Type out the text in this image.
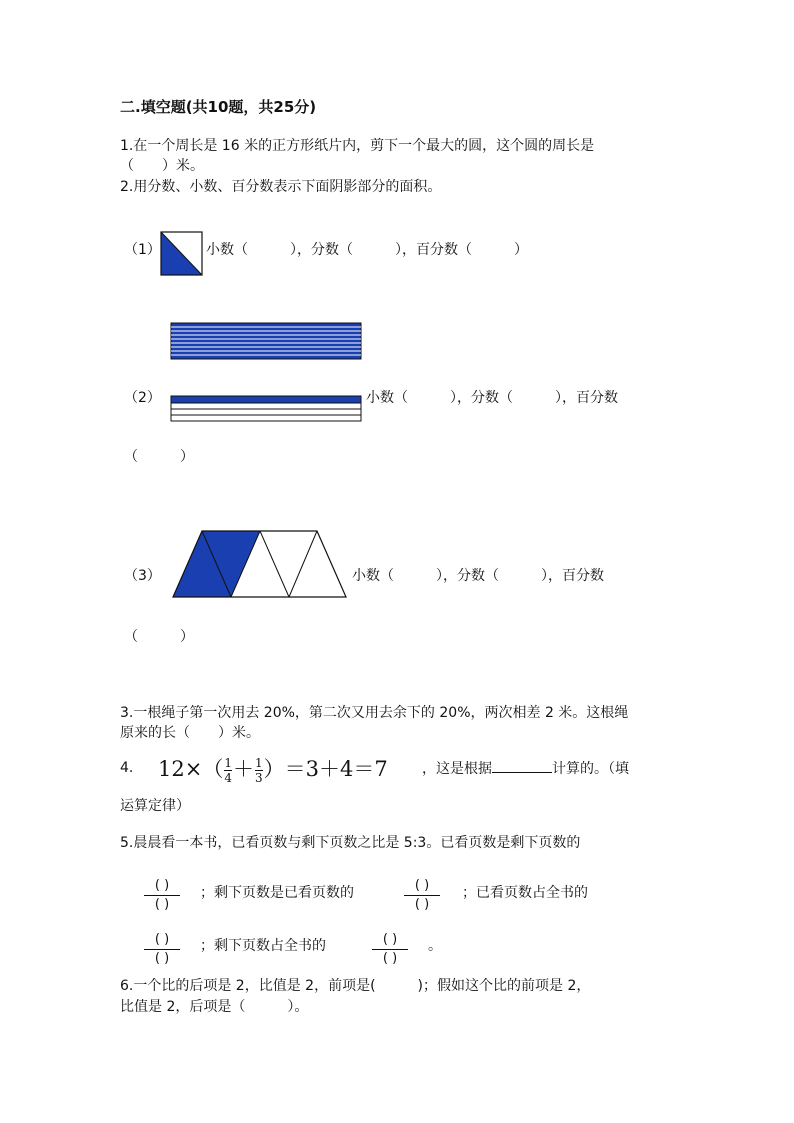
二.填空题(共10题，共25分)
1.在一个周长是 16 米的正方形纸片内，剪下一个最大的圆，这个圆的周长是
（　　）米。
2.用分数、小数、百分数表示下面阴影部分的面积。
（1）	小数（　　　），分数（　　　），百分数（　　　）
（2）	小数（　　　），分数（　　　），百分数
（　　　）
（3）	小数（　　　），分数（　　　），百分数
（　　　）
3.一根绳子第一次用去 20%，第二次又用去余下的 20%，两次相差 2 米。这根绳
原来的长（　　）米。
4. $12\times( \frac{1}{4} + \frac{1}{3} )=3+4=7$ ，这是根据	计算的。（填
运算定律）
5.晨晨看一本书，已看页数与剩下页数之比是 5:3。已看页数是剩下页数的
( )
( )
；剩下页数是已看页数的	( )
( )
；已看页数占全书的
( )
( )
；剩下页数占全书的	( )
( )
。
6.一个比的后项是 2，比值是 2，前项是(　　　)；假如这个比的前项是 2，
比值是 2，后项是（　　　）。
